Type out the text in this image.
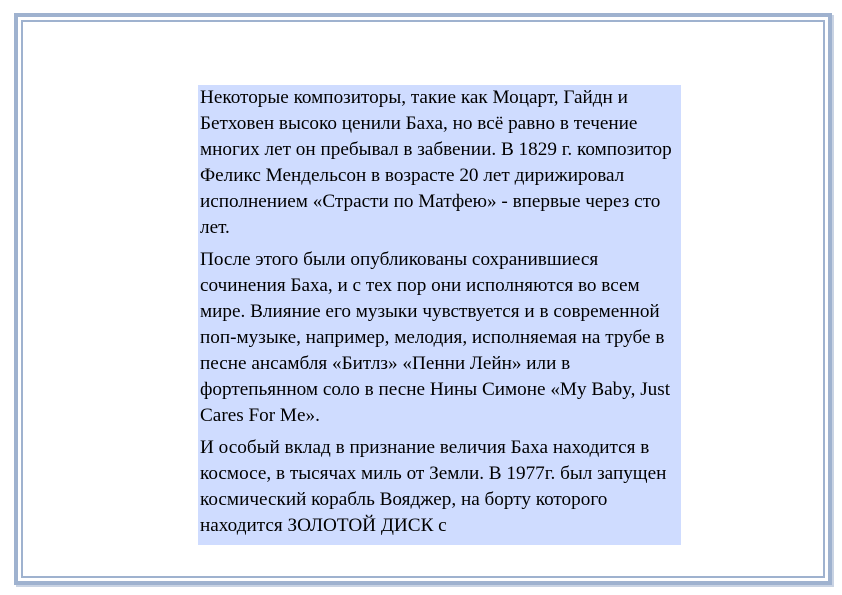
Некоторые композиторы, такие как Моцарт, Гайдн и Бетховен высоко ценили Баха, но всё равно в течение многих лет он пребывал в забвении. В 1829 г. композитор Феликс Мендельсон в возрасте 20 лет дирижировал исполнением «Страсти по Матфею» - впервые через сто лет.

После этого были опубликованы сохранившиеся сочинения Баха, и с тех пор они исполняются во всем мире. Влияние его музыки чувствуется и в современной поп-музыке, например, мелодия, исполняемая на трубе в песне ансамбля «Битлз» «Пенни Лейн» или в фортепьянном соло в песне Нины Симоне «My Baby, Just Cares For Me».

И особый вклад в признание величия Баха находится в космосе, в тысячах миль от Земли. В 1977г. был запущен космический корабль Вояджер, на борту которого находится ЗОЛОТОЙ ДИСК с
